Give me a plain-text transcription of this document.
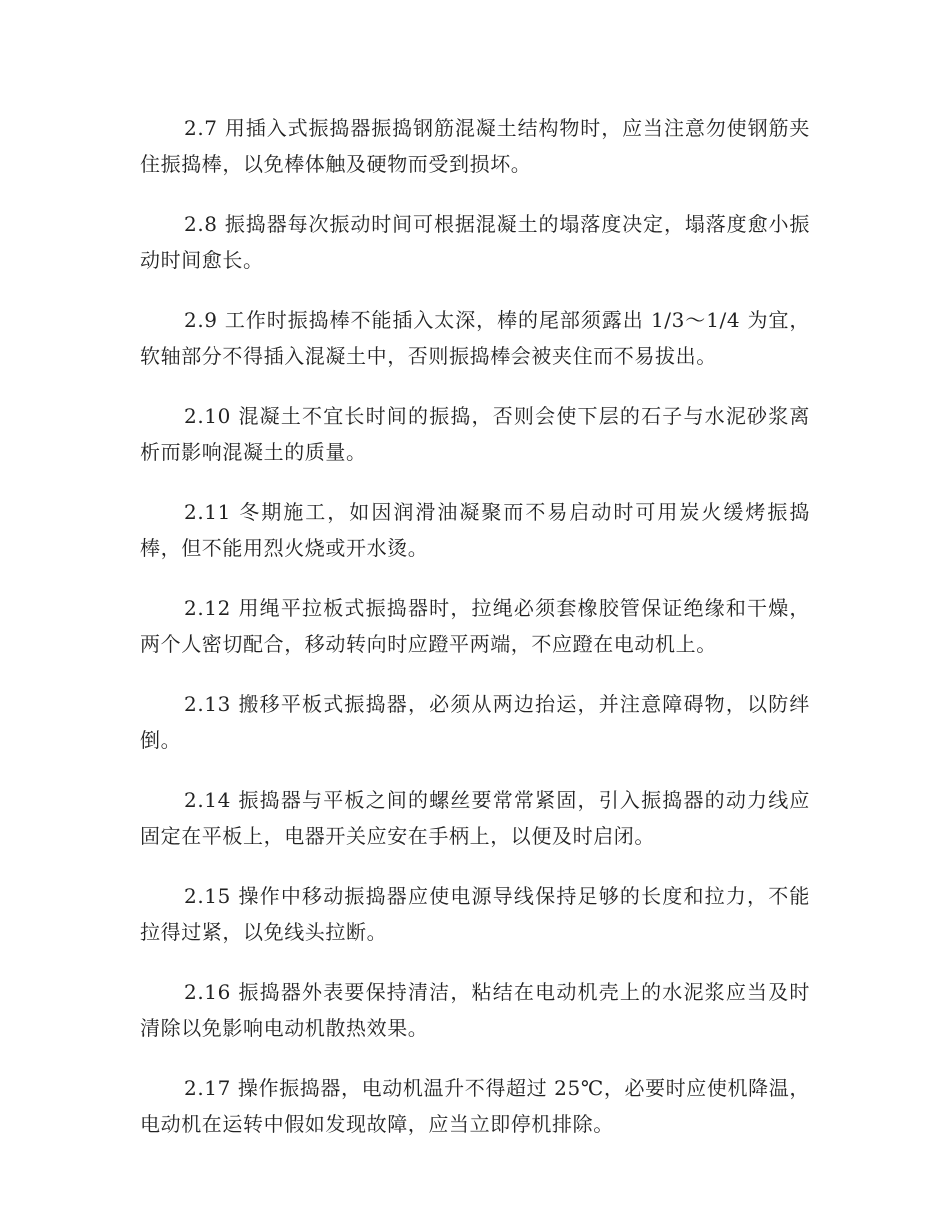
2.7 用插入式振捣器振捣钢筋混凝土结构物时，应当注意勿使钢筋夹住振捣棒，以免棒体触及硬物而受到损坏。

2.8 振捣器每次振动时间可根据混凝土的塌落度决定，塌落度愈小振动时间愈长。

2.9 工作时振捣棒不能插入太深，棒的尾部须露出 1/3～1/4 为宜，软轴部分不得插入混凝土中，否则振捣棒会被夹住而不易拔出。

2.10 混凝土不宜长时间的振捣，否则会使下层的石子与水泥砂浆离析而影响混凝土的质量。

2.11 冬期施工，如因润滑油凝聚而不易启动时可用炭火缓烤振捣棒，但不能用烈火烧或开水烫。

2.12 用绳平拉板式振捣器时，拉绳必须套橡胶管保证绝缘和干燥，两个人密切配合，移动转向时应蹬平两端，不应蹬在电动机上。

2.13 搬移平板式振捣器，必须从两边抬运，并注意障碍物，以防绊倒。

2.14 振捣器与平板之间的螺丝要常常紧固，引入振捣器的动力线应固定在平板上，电器开关应安在手柄上，以便及时启闭。

2.15 操作中移动振捣器应使电源导线保持足够的长度和拉力，不能拉得过紧，以免线头拉断。

2.16 振捣器外表要保持清洁，粘结在电动机壳上的水泥浆应当及时清除以免影响电动机散热效果。

2.17 操作振捣器，电动机温升不得超过 25℃，必要时应使机降温，电动机在运转中假如发现故障，应当立即停机排除。
